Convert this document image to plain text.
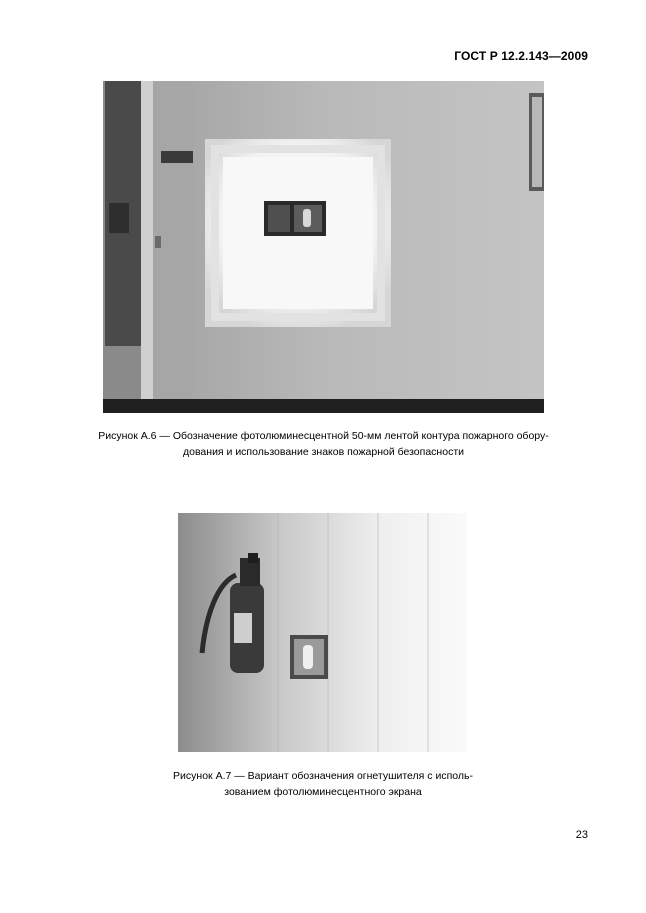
ГОСТ Р 12.2.143—2009
Рисунок А.6 — Обозначение фотолюминесцентной 50-мм лентой контура пожарного обору-
дования и использование знаков пожарной безопасности
Рисунок А.7 — Вариант обозначения огнетушителя с исполь-
зованием фотолюминесцентного экрана
23
